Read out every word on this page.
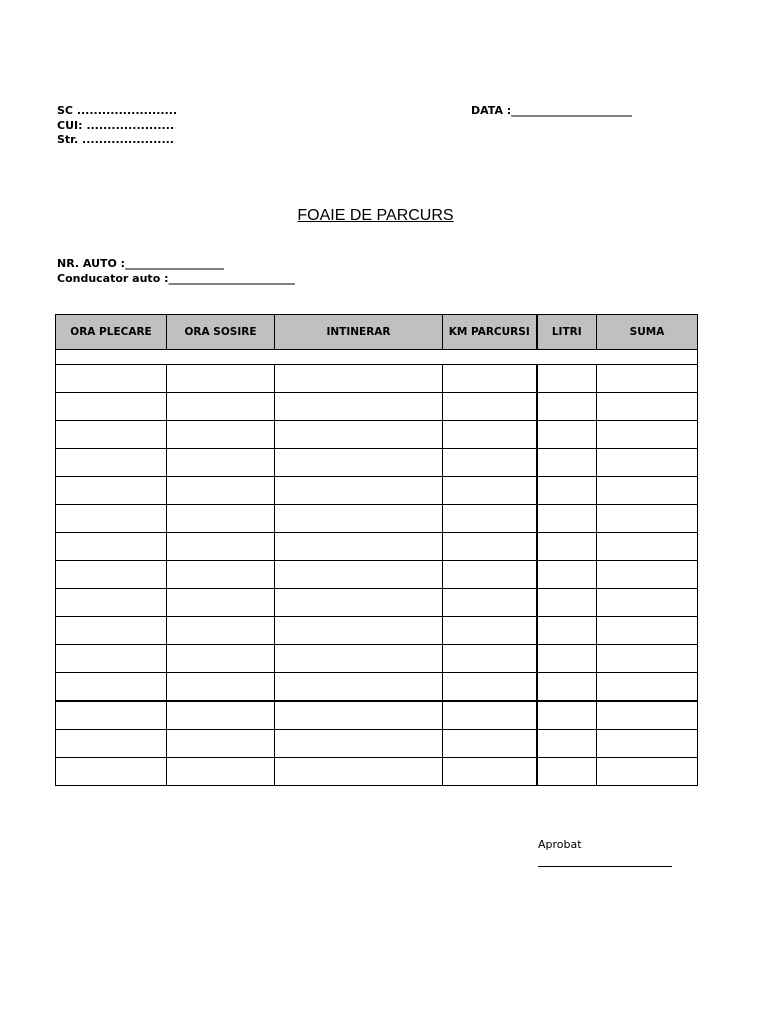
SC ........................
CUI: .....................
Str. ......................
DATA :______________________
FOAIE DE PARCURS
NR. AUTO :__________________
Conducator auto :_______________________
ORA PLECARE	ORA SOSIRE	INTINERAR	KM PARCURSI	LITRI	SUMA

Aprobat
